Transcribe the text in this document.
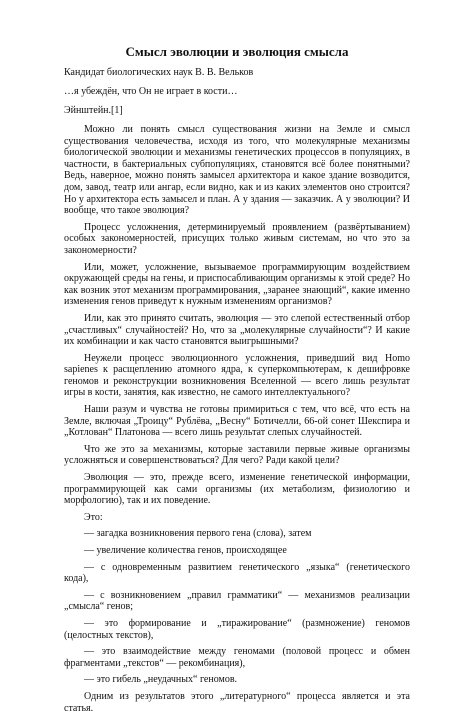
Смысл эволюции и эволюция смысла

Кандидат биологических наук В. В. Вельков

…я убеждён, что Он не играет в кости…

Эйнштейн.[1]

Можно ли понять смысл существования жизни на Земле и смысл существования человечества, исходя из того, что молекулярные механизмы биологической эволюции и механизмы генетических процессов в популяциях, в частности, в бактериальных субпопуляциях, становятся всё более понятными? Ведь, наверное, можно понять замысел архитектора и какое здание возводится, дом, завод, театр или ангар, если видно, как и из каких элементов оно строится? Но у архитектора есть замысел и план. А у здания — заказчик. А у эволюции? И вообще, что такое эволюция?

Процесс усложнения, детерминируемый проявлением (развёртыванием) особых закономерностей, присущих только живым системам, но что это за закономерности?

Или, может, усложнение, вызываемое программирующим воздействием окружающей среды на гены, и приспосабливающим организмы к этой среде? Но как возник этот механизм программирования, „заранее знающий“, какие именно изменения генов приведут к нужным изменениям организмов?

Или, как это принято считать, эволюция — это слепой естественный отбор „счастливых“ случайностей? Но, что за „молекулярные случайности“? И какие их комбинации и как часто становятся выигрышными?

Неужели процесс эволюционного усложнения, приведший вид Homo sapienes к расщеплению атомного ядра, к суперкомпьютерам, к дешифровке геномов и реконструкции возникновения Вселенной — всего лишь результат игры в кости, занятия, как известно, не самого интеллектуального?

Наши разум и чувства не готовы примириться с тем, что всё, что есть на Земле, включая „Троицу“ Рублёва, „Весну“ Ботичелли, 66-ой сонет Шекспира и „Котлован“ Платонова — всего лишь результат слепых случайностей.

Что же это за механизмы, которые заставили первые живые организмы усложняться и совершенствоваться? Для чего? Ради какой цели?

Эволюция — это, прежде всего, изменение генетической информации, программирующей как сами организмы (их метаболизм, физиологию и морфологию), так и их поведение.

Это:

— загадка возникновения первого гена (слова), затем

— увеличение количества генов, происходящее

— с одновременным развитием генетического „языка“ (генетического кода),

— с возникновением „правил грамматики“ — механизмов реализации „смысла“ генов;

— это формирование и „тиражирование“ (размножение) геномов (целостных текстов),

— это взаимодействие между геномами (половой процесс и обмен фрагментами „текстов“ — рекомбинация),

— это гибель „неудачных“ геномов.

Одним из результатов этого „литературного“ процесса является и эта статья.
